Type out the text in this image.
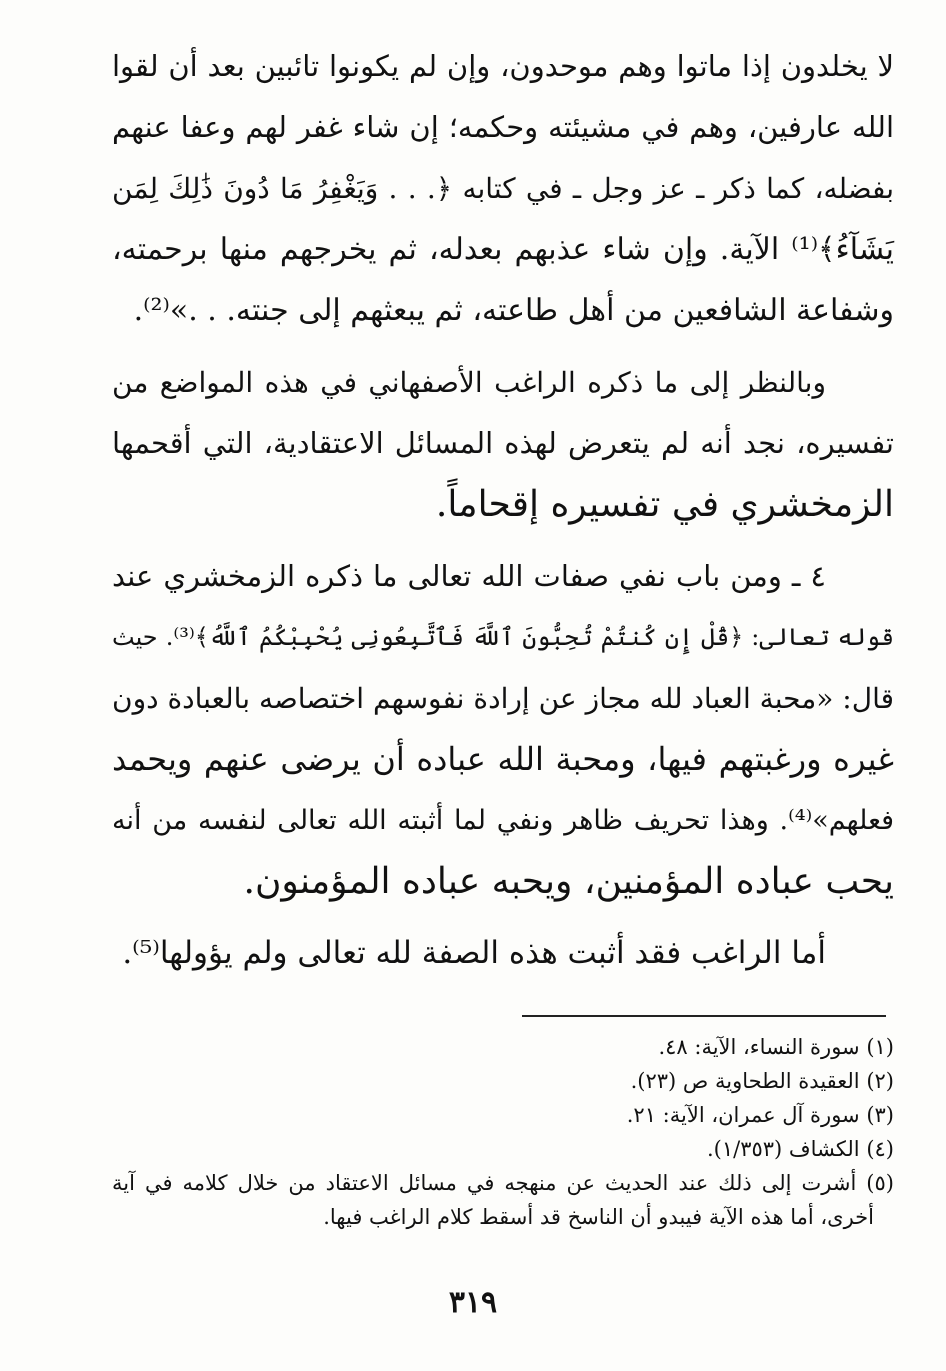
لا يخلدون إذا ماتوا وهم موحدون، وإن لم يكونوا تائبين بعد أن لقوا
الله عارفين، وهم في مشيئته وحكمه؛ إن شاء غفر لهم وعفا عنهم
بفضله، كما ذكر ـ عز وجل ـ في كتابه ﴿. . . وَيَغْفِرُ مَا دُونَ ذَٰلِكَ لِمَن
يَشَآءُ﴾⁽¹⁾ الآية. وإن شاء عذبهم بعدله، ثم يخرجهم منها برحمته،
وشفاعة الشافعين من أهل طاعته، ثم يبعثهم إلى جنته. . .»⁽²⁾.
وبالنظر إلى ما ذكره الراغب الأصفهاني في هذه المواضع من
تفسيره، نجد أنه لم يتعرض لهذه المسائل الاعتقادية، التي أقحمها
الزمخشري في تفسيره إقحاماً.
٤ ـ ومن باب نفي صفات الله تعالى ما ذكره الزمخشري عند
قوله تعالى: ﴿قُلْ إِن كُنتُمْ تُحِبُّونَ ٱللَّهَ فَٱتَّبِعُونِى يُحْبِبْكُمُ ٱللَّهُ﴾⁽³⁾. حيث
قال: «محبة العباد لله مجاز عن إرادة نفوسهم اختصاصه بالعبادة دون
غيره ورغبتهم فيها، ومحبة الله عباده أن يرضى عنهم ويحمد
فعلهم»⁽⁴⁾. وهذا تحريف ظاهر ونفي لما أثبته الله تعالى لنفسه من أنه
يحب عباده المؤمنين، ويحبه عباده المؤمنون.
أما الراغب فقد أثبت هذه الصفة لله تعالى ولم يؤولها⁽⁵⁾.
(١) سورة النساء، الآية: ٤٨.
(٢) العقيدة الطحاوية ص (٢٣).
(٣) سورة آل عمران، الآية: ٢١.
(٤) الكشاف (١/٣٥٣).
(٥) أشرت إلى ذلك عند الحديث عن منهجه في مسائل الاعتقاد من خلال كلامه في آية
أخرى، أما هذه الآية فيبدو أن الناسخ قد أسقط كلام الراغب فيها.
٣١٩
